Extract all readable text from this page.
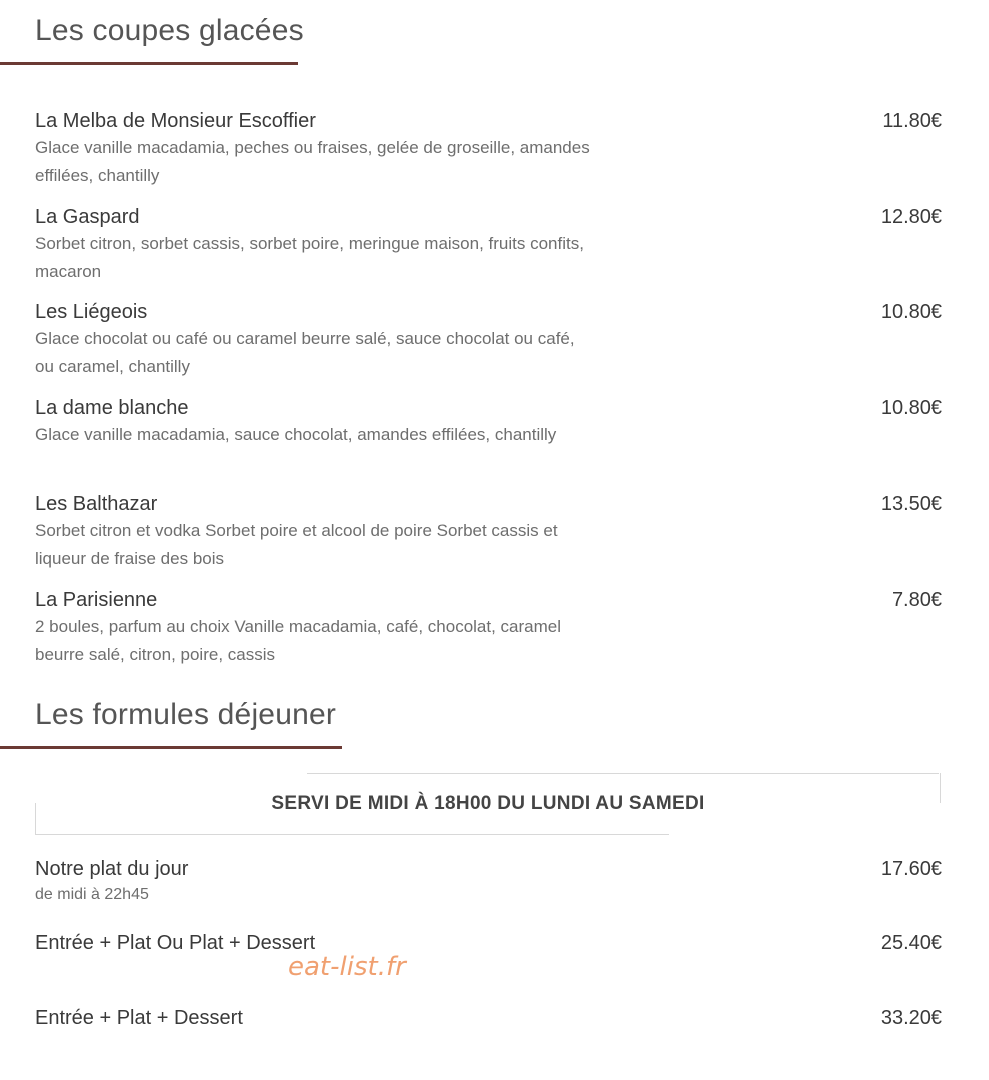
Les coupes glacées
La Melba de Monsieur Escoffier
Glace vanille macadamia, peches ou fraises, gelée de groseille, amandes effilées, chantilly
11.80€
La Gaspard
Sorbet citron, sorbet cassis, sorbet poire, meringue maison, fruits confits, macaron
12.80€
Les Liégeois
Glace chocolat ou café ou caramel beurre salé, sauce chocolat ou café, ou caramel, chantilly
10.80€
La dame blanche
Glace vanille macadamia, sauce chocolat, amandes effilées, chantilly
10.80€
Les Balthazar
Sorbet citron et vodka Sorbet poire et alcool de poire Sorbet cassis et liqueur de fraise des bois
13.50€
La Parisienne
2 boules, parfum au choix Vanille macadamia, café, chocolat, caramel beurre salé, citron, poire, cassis
7.80€
Les formules déjeuner
SERVI DE MIDI À 18H00 DU LUNDI AU SAMEDI
Notre plat du jour
de midi à 22h45
17.60€
Entrée + Plat Ou Plat + Dessert	25.40€
Entrée + Plat + Dessert	33.20€
eat-list.fr
